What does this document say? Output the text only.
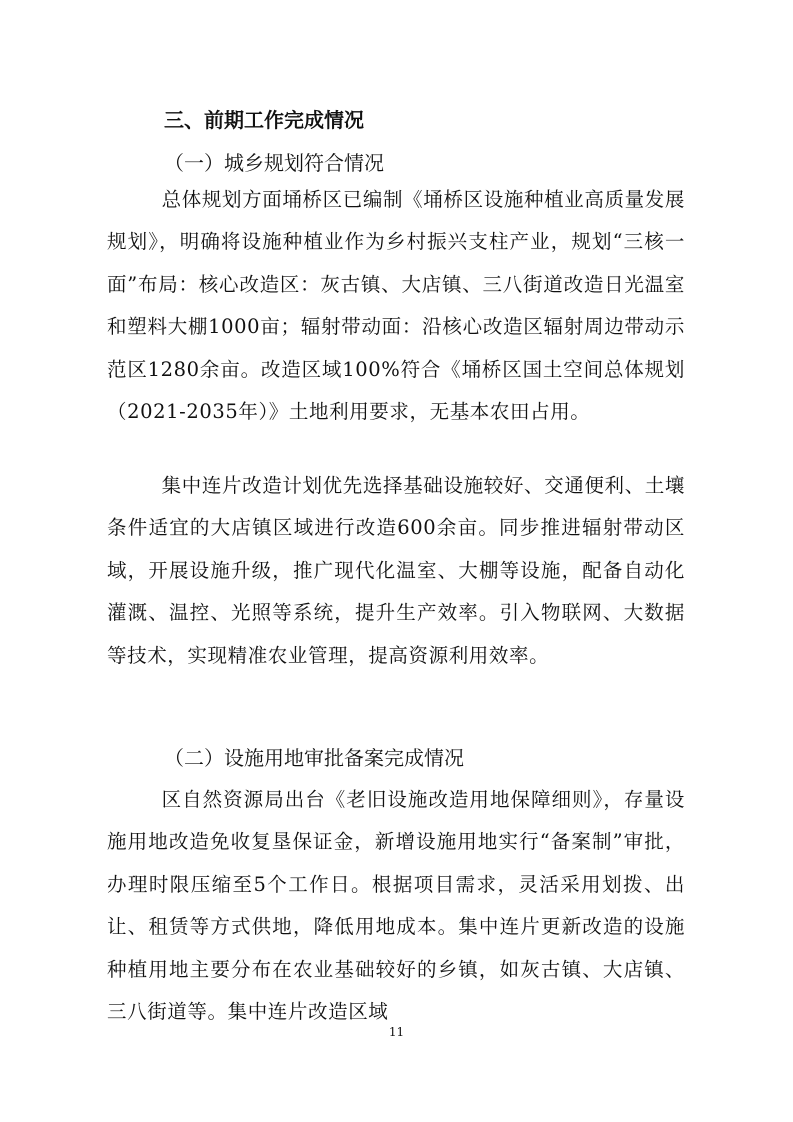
三、前期工作完成情况
（一）城乡规划符合情况

总体规划方面埇桥区已编制《埇桥区设施种植业高质量发展规划》，明确将设施种植业作为乡村振兴支柱产业，规划“三核一面”布局：核心改造区：灰古镇、大店镇、三八街道改造日光温室和塑料大棚1000亩；辐射带动面：沿核心改造区辐射周边带动示范区1280余亩。改造区域100%符合《埇桥区国土空间总体规划（2021-2035年）》土地利用要求，无基本农田占用。

集中连片改造计划优先选择基础设施较好、交通便利、土壤条件适宜的大店镇区域进行改造600余亩。同步推进辐射带动区域，开展设施升级，推广现代化温室、大棚等设施，配备自动化灌溉、温控、光照等系统，提升生产效率。引入物联网、大数据等技术，实现精准农业管理，提高资源利用效率。

（二）设施用地审批备案完成情况

区自然资源局出台《老旧设施改造用地保障细则》，存量设施用地改造免收复垦保证金，新增设施用地实行“备案制”审批，办理时限压缩至5个工作日。根据项目需求，灵活采用划拨、出让、租赁等方式供地，降低用地成本。集中连片更新改造的设施种植用地主要分布在农业基础较好的乡镇，如灰古镇、大店镇、三八街道等。集中连片改造区域

11
